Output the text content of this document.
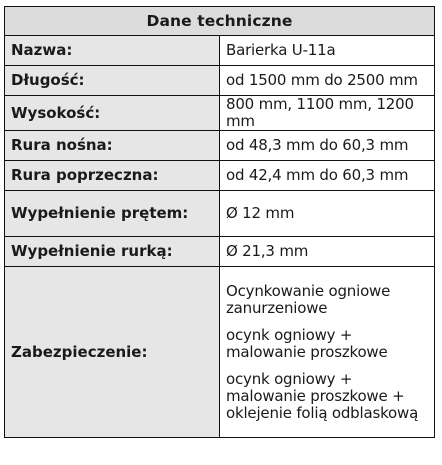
Dane techniczne	
Nazwa:	Barierka U-11a
Długość:	od 1500 mm do 2500 mm
Wysokość:	800 mm, 1100 mm, 1200 mm
Rura nośna:	od 48,3 mm do 60,3 mm
Rura poprzeczna:	od 42,4 mm do 60,3 mm
Wypełnienie prętem:	Ø 12 mm
Wypełnienie rurką:	Ø 21,3 mm
Zabezpieczenie:	Ocynkowanie ogniowe zanurzeniowe

ocynk ogniowy + malowanie proszkowe

ocynk ogniowy + malowanie proszkowe + oklejenie folią odblaskową
